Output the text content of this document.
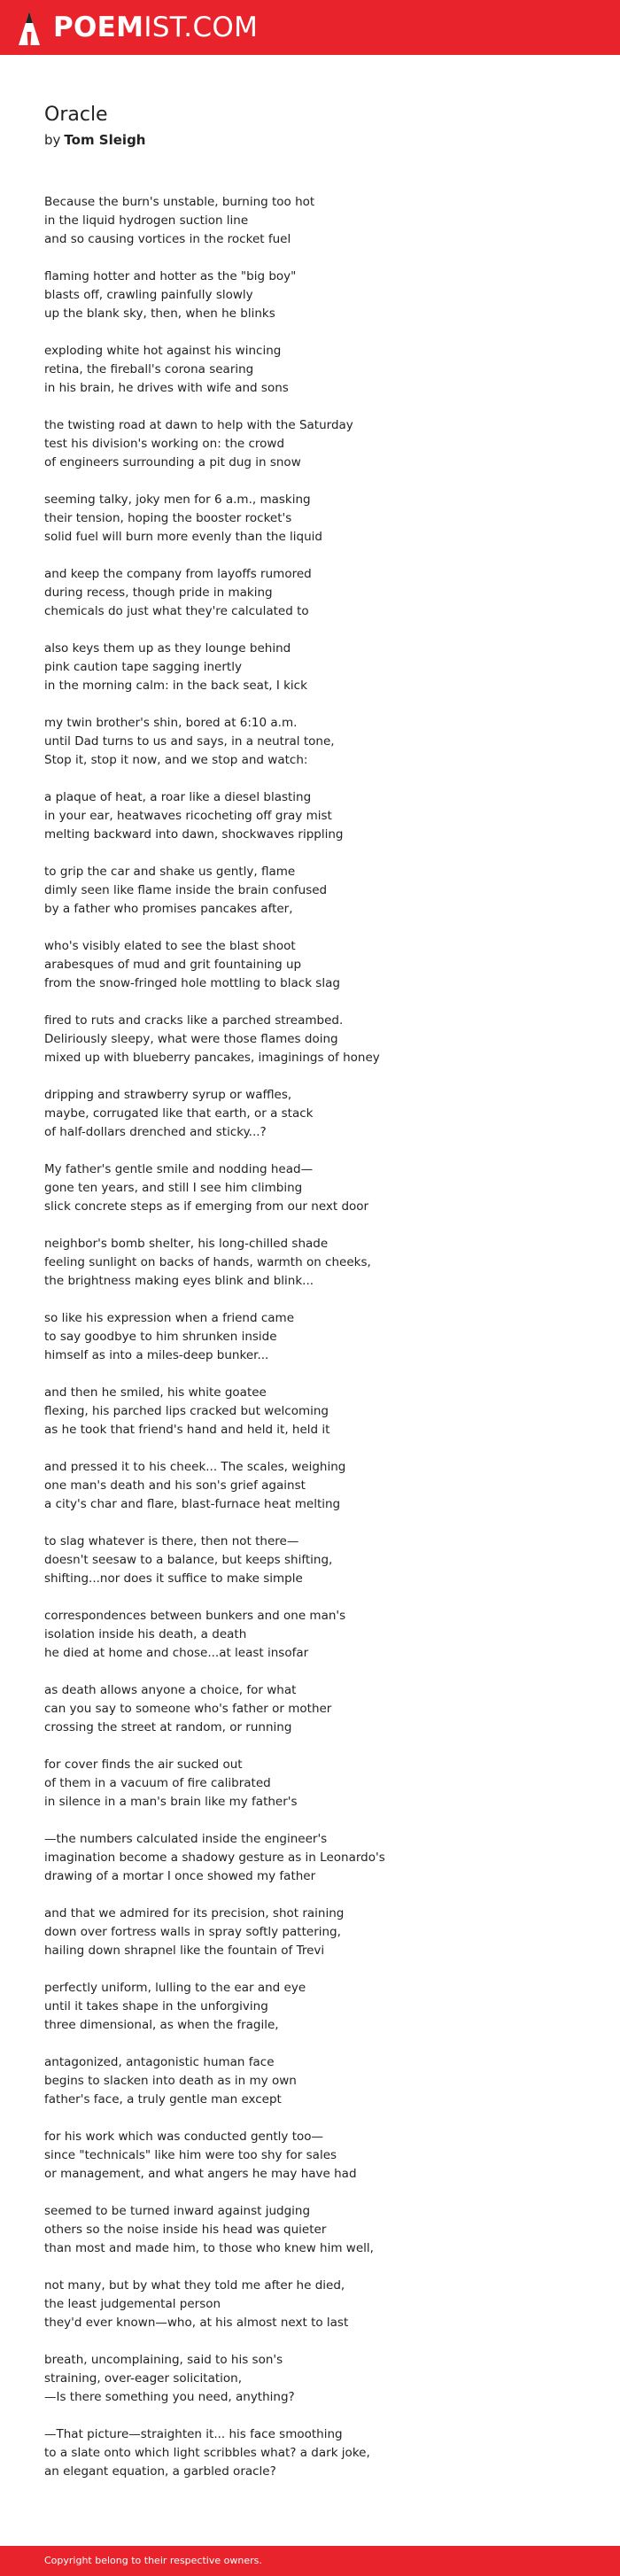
POEMIST.COM
Oracle
by Tom Sleigh
Because the burn's unstable, burning too hot
in the liquid hydrogen suction line
and so causing vortices in the rocket fuel
flaming hotter and hotter as the "big boy"
blasts off, crawling painfully slowly
up the blank sky, then, when he blinks
exploding white hot against his wincing
retina, the fireball's corona searing
in his brain, he drives with wife and sons
the twisting road at dawn to help with the Saturday
test his division's working on: the crowd
of engineers surrounding a pit dug in snow
seeming talky, joky men for 6 a.m., masking
their tension, hoping the booster rocket's
solid fuel will burn more evenly than the liquid
and keep the company from layoffs rumored
during recess, though pride in making
chemicals do just what they're calculated to
also keys them up as they lounge behind
pink caution tape sagging inertly
in the morning calm: in the back seat, I kick
my twin brother's shin, bored at 6:10 a.m.
until Dad turns to us and says, in a neutral tone,
Stop it, stop it now, and we stop and watch:
a plaque of heat, a roar like a diesel blasting
in your ear, heatwaves ricocheting off gray mist
melting backward into dawn, shockwaves rippling
to grip the car and shake us gently, flame
dimly seen like flame inside the brain confused
by a father who promises pancakes after,
who's visibly elated to see the blast shoot
arabesques of mud and grit fountaining up
from the snow-fringed hole mottling to black slag
fired to ruts and cracks like a parched streambed.
Deliriously sleepy, what were those flames doing
mixed up with blueberry pancakes, imaginings of honey
dripping and strawberry syrup or waffles,
maybe, corrugated like that earth, or a stack
of half-dollars drenched and sticky...?
My father's gentle smile and nodding head—
gone ten years, and still I see him climbing
slick concrete steps as if emerging from our next door
neighbor's bomb shelter, his long-chilled shade
feeling sunlight on backs of hands, warmth on cheeks,
the brightness making eyes blink and blink...
so like his expression when a friend came
to say goodbye to him shrunken inside
himself as into a miles-deep bunker...
and then he smiled, his white goatee
flexing, his parched lips cracked but welcoming
as he took that friend's hand and held it, held it
and pressed it to his cheek... The scales, weighing
one man's death and his son's grief against
a city's char and flare, blast-furnace heat melting
to slag whatever is there, then not there—
doesn't seesaw to a balance, but keeps shifting,
shifting...nor does it suffice to make simple
correspondences between bunkers and one man's
isolation inside his death, a death
he died at home and chose...at least insofar
as death allows anyone a choice, for what
can you say to someone who's father or mother
crossing the street at random, or running
for cover finds the air sucked out
of them in a vacuum of fire calibrated
in silence in a man's brain like my father's
—the numbers calculated inside the engineer's
imagination become a shadowy gesture as in Leonardo's
drawing of a mortar I once showed my father
and that we admired for its precision, shot raining
down over fortress walls in spray softly pattering,
hailing down shrapnel like the fountain of Trevi
perfectly uniform, lulling to the ear and eye
until it takes shape in the unforgiving
three dimensional, as when the fragile,
antagonized, antagonistic human face
begins to slacken into death as in my own
father's face, a truly gentle man except
for his work which was conducted gently too—
since "technicals" like him were too shy for sales
or management, and what angers he may have had
seemed to be turned inward against judging
others so the noise inside his head was quieter
than most and made him, to those who knew him well,
not many, but by what they told me after he died,
the least judgemental person
they'd ever known—who, at his almost next to last
breath, uncomplaining, said to his son's
straining, over-eager solicitation,
—Is there something you need, anything?
—That picture—straighten it... his face smoothing
to a slate onto which light scribbles what? a dark joke,
an elegant equation, a garbled oracle?
Copyright belong to their respective owners.
